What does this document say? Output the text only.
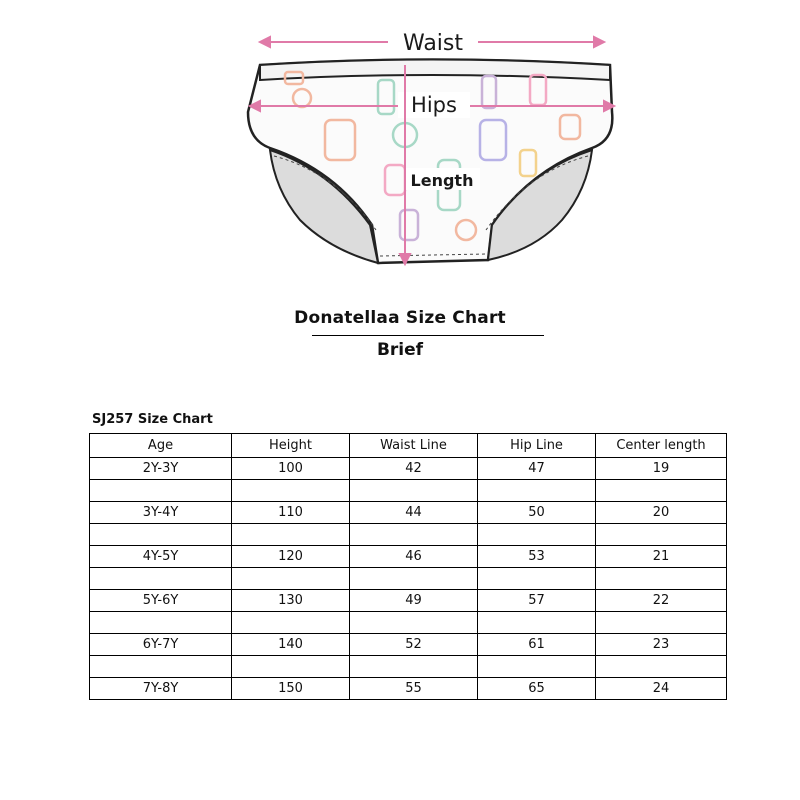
Waist
Hips
Length
Donatellaa Size Chart
Brief
SJ257 Size Chart
Age	Height	Waist Line	Hip Line	Center length
2Y-3Y	100	42	47	19

3Y-4Y	110	44	50	20

4Y-5Y	120	46	53	21

5Y-6Y	130	49	57	22

6Y-7Y	140	52	61	23

7Y-8Y	150	55	65	24
